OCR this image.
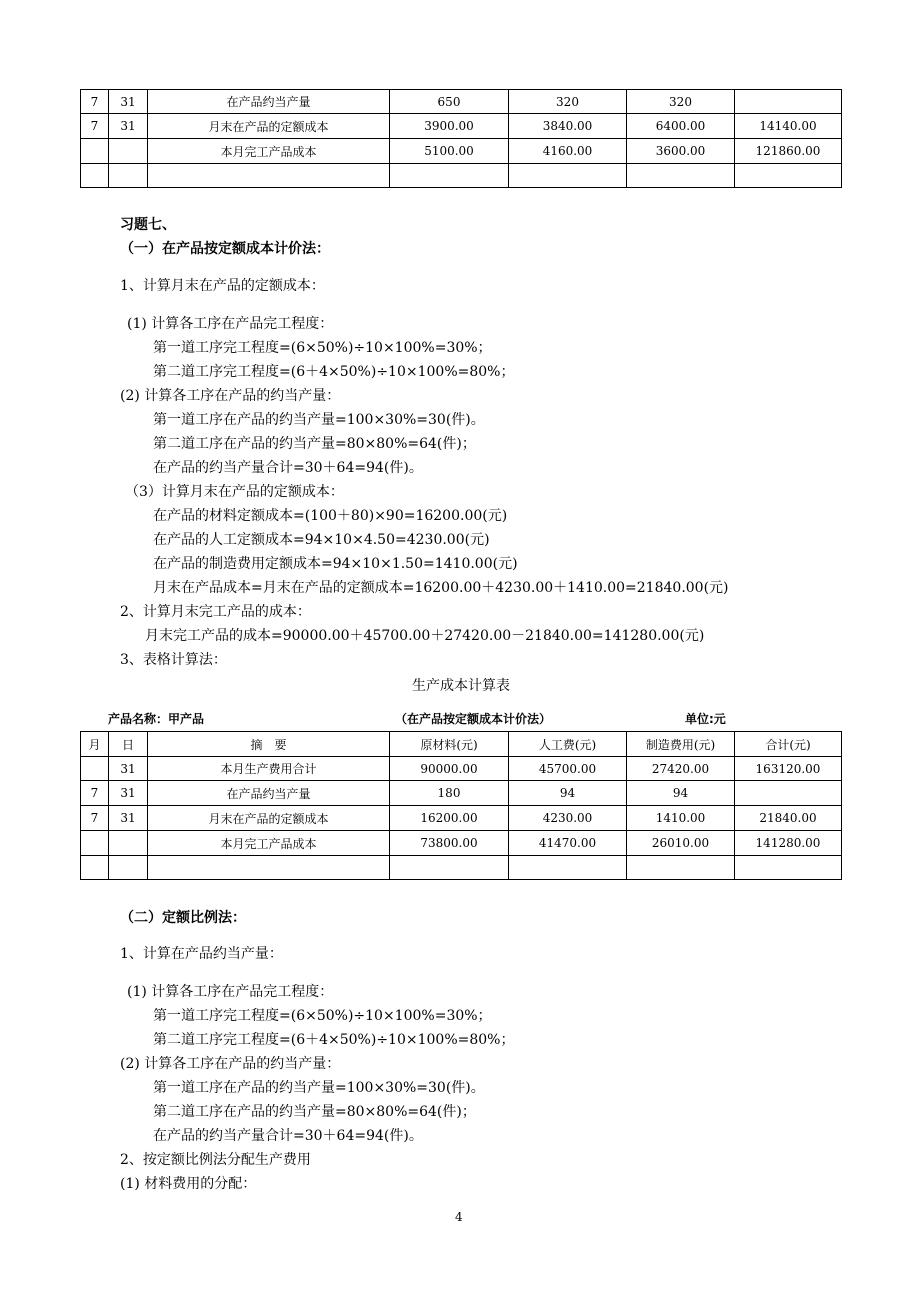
7	31	在产品约当产量	650	320	320	
7	31	月末在产品的定额成本	3900.00	3840.00	6400.00	14140.00
		本月完工产品成本	5100.00	4160.00	3600.00	121860.00

习题七、
（一）在产品按定额成本计价法：
1、计算月末在产品的定额成本：
(1) 计算各工序在产品完工程度：
第一道工序完工程度=(6×50%)÷10×100%=30%；
第二道工序完工程度=(6＋4×50%)÷10×100%=80%；
(2) 计算各工序在产品的约当产量：
第一道工序在产品的约当产量=100×30%=30(件)。
第二道工序在产品的约当产量=80×80%=64(件)；
在产品的约当产量合计=30＋64=94(件)。
（3）计算月末在产品的定额成本：
在产品的材料定额成本=(100＋80)×90=16200.00(元)
在产品的人工定额成本=94×10×4.50=4230.00(元)
在产品的制造费用定额成本=94×10×1.50=1410.00(元)
月末在产品成本=月末在产品的定额成本=16200.00＋4230.00＋1410.00=21840.00(元)
2、计算月末完工产品的成本：
月末完工产品的成本=90000.00＋45700.00＋27420.00－21840.00=141280.00(元)
3、表格计算法：
生产成本计算表
产品名称：甲产品	（在产品按定额成本计价法）	单位:元
月	日	摘　要	原材料(元)	人工费(元)	制造费用(元)	合计(元)
	31	本月生产费用合计	90000.00	45700.00	27420.00	163120.00
7	31	在产品约当产量	180	94	94	
7	31	月末在产品的定额成本	16200.00	4230.00	1410.00	21840.00
		本月完工产品成本	73800.00	41470.00	26010.00	141280.00

（二）定额比例法：
1、计算在产品约当产量：
(1) 计算各工序在产品完工程度：
第一道工序完工程度=(6×50%)÷10×100%=30%；
第二道工序完工程度=(6＋4×50%)÷10×100%=80%；
(2) 计算各工序在产品的约当产量：
第一道工序在产品的约当产量=100×30%=30(件)。
第二道工序在产品的约当产量=80×80%=64(件)；
在产品的约当产量合计=30＋64=94(件)。
2、按定额比例法分配生产费用
(1) 材料费用的分配：
4
